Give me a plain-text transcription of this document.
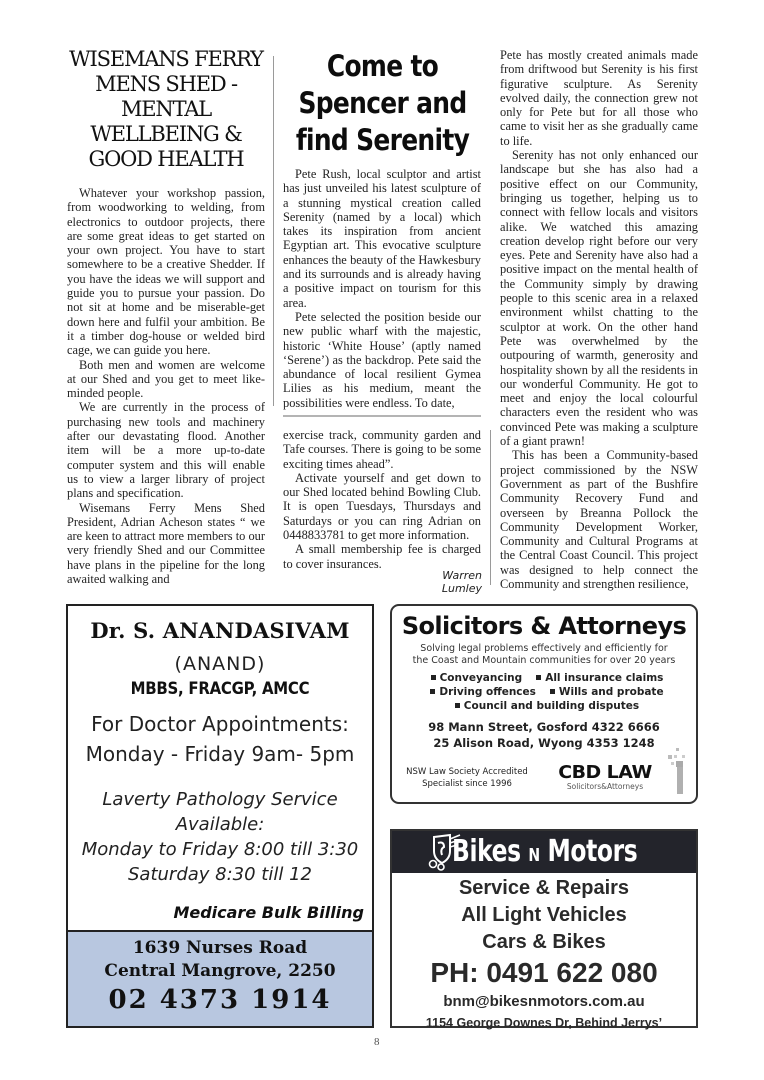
WISEMANS FERRY
MENS SHED -
MENTAL
WELLBEING &
GOOD HEALTH

Whatever your workshop passion, from woodworking to welding, from electronics to outdoor projects, there are some great ideas to get started on your own project. You have to start somewhere to be a creative Shedder. If you have the ideas we will support and guide you to pursue your passion. Do not sit at home and be miserable-get down here and fulfil your ambition. Be it a timber dog-house or welded bird cage, we can guide you here.

Both men and women are welcome at our Shed and you get to meet like-minded people.

We are currently in the process of purchasing new tools and machinery after our devastating flood. Another item will be a more up-to-date computer system and this will enable us to view a larger library of project plans and specification.

Wisemans Ferry Mens Shed President, Adrian Acheson states “ we are keen to attract more members to our very friendly Shed and our Committee have plans in the pipeline for the long awaited walking and

Come to
Spencer and
find Serenity

Pete Rush, local sculptor and artist has just unveiled his latest sculpture of a stunning mystical creation called Serenity (named by a local) which takes its inspiration from ancient Egyptian art. This evocative sculpture enhances the beauty of the Hawkesbury and its surrounds and is already having a positive impact on tourism for this area.

Pete selected the position beside our new public wharf with the majestic, historic ‘White House’ (aptly named ‘Serene’) as the backdrop. Pete said the abundance of local resilient Gymea Lilies as his medium, meant the possibilities were endless. To date,

exercise track, community garden and Tafe courses. There is going to be some exciting times ahead”.

Activate yourself and get down to our Shed located behind Bowling Club. It is open Tuesdays, Thursdays and Saturdays or you can ring Adrian on 0448833781 to get more information.

A small membership fee is charged to cover insurances.

Warren Lumley

Pete has mostly created animals made from driftwood but Serenity is his first figurative sculpture. As Serenity evolved daily, the connection grew not only for Pete but for all those who came to visit her as she gradually came to life.

Serenity has not only enhanced our landscape but she has also had a positive effect on our Community, bringing us together, helping us to connect with fellow locals and visitors alike. We watched this amazing creation develop right before our very eyes. Pete and Serenity have also had a positive impact on the mental health of the Community simply by drawing people to this scenic area in a relaxed environment whilst chatting to the sculptor at work. On the other hand Pete was overwhelmed by the outpouring of warmth, generosity and hospitality shown by all the residents in our wonderful Community. He got to meet and enjoy the local colourful characters even the resident who was convinced Pete was making a sculpture of a giant prawn!

This has been a Community-based project commissioned by the NSW Government as part of the Bushfire Community Recovery Fund and overseen by Breanna Pollock the Community Development Worker, Community and Cultural Programs at the Central Coast Council. This project was designed to help connect the Community and strengthen resilience,

Dr. S. ANANDASIVAM
(ANAND)
MBBS, FRACGP, AMCC
For Doctor Appointments:
Monday - Friday 9am- 5pm
Laverty Pathology Service
Available:
Monday to Friday 8:00 till 3:30
Saturday 8:30 till 12
Medicare Bulk Billing
1639 Nurses Road
Central Mangrove, 2250
02 4373 1914
Solicitors & Attorneys
Solving legal problems effectively and efficiently for
the Coast and Mountain communities for over 20 years
Conveyancing All insurance claims
Driving offences Wills and probate
Council and building disputes
98 Mann Street, Gosford 4322 6666
25 Alison Road, Wyong 4353 1248
NSW Law Society Accredited
Specialist since 1996
CBD LAW
Solicitors&Attorneys
Bikes N Motors
Service & Repairs
All Light Vehicles
Cars & Bikes
PH: 0491 622 080
bnm@bikesnmotors.com.au
1154 George Downes Dr, Behind Jerrys’
8
